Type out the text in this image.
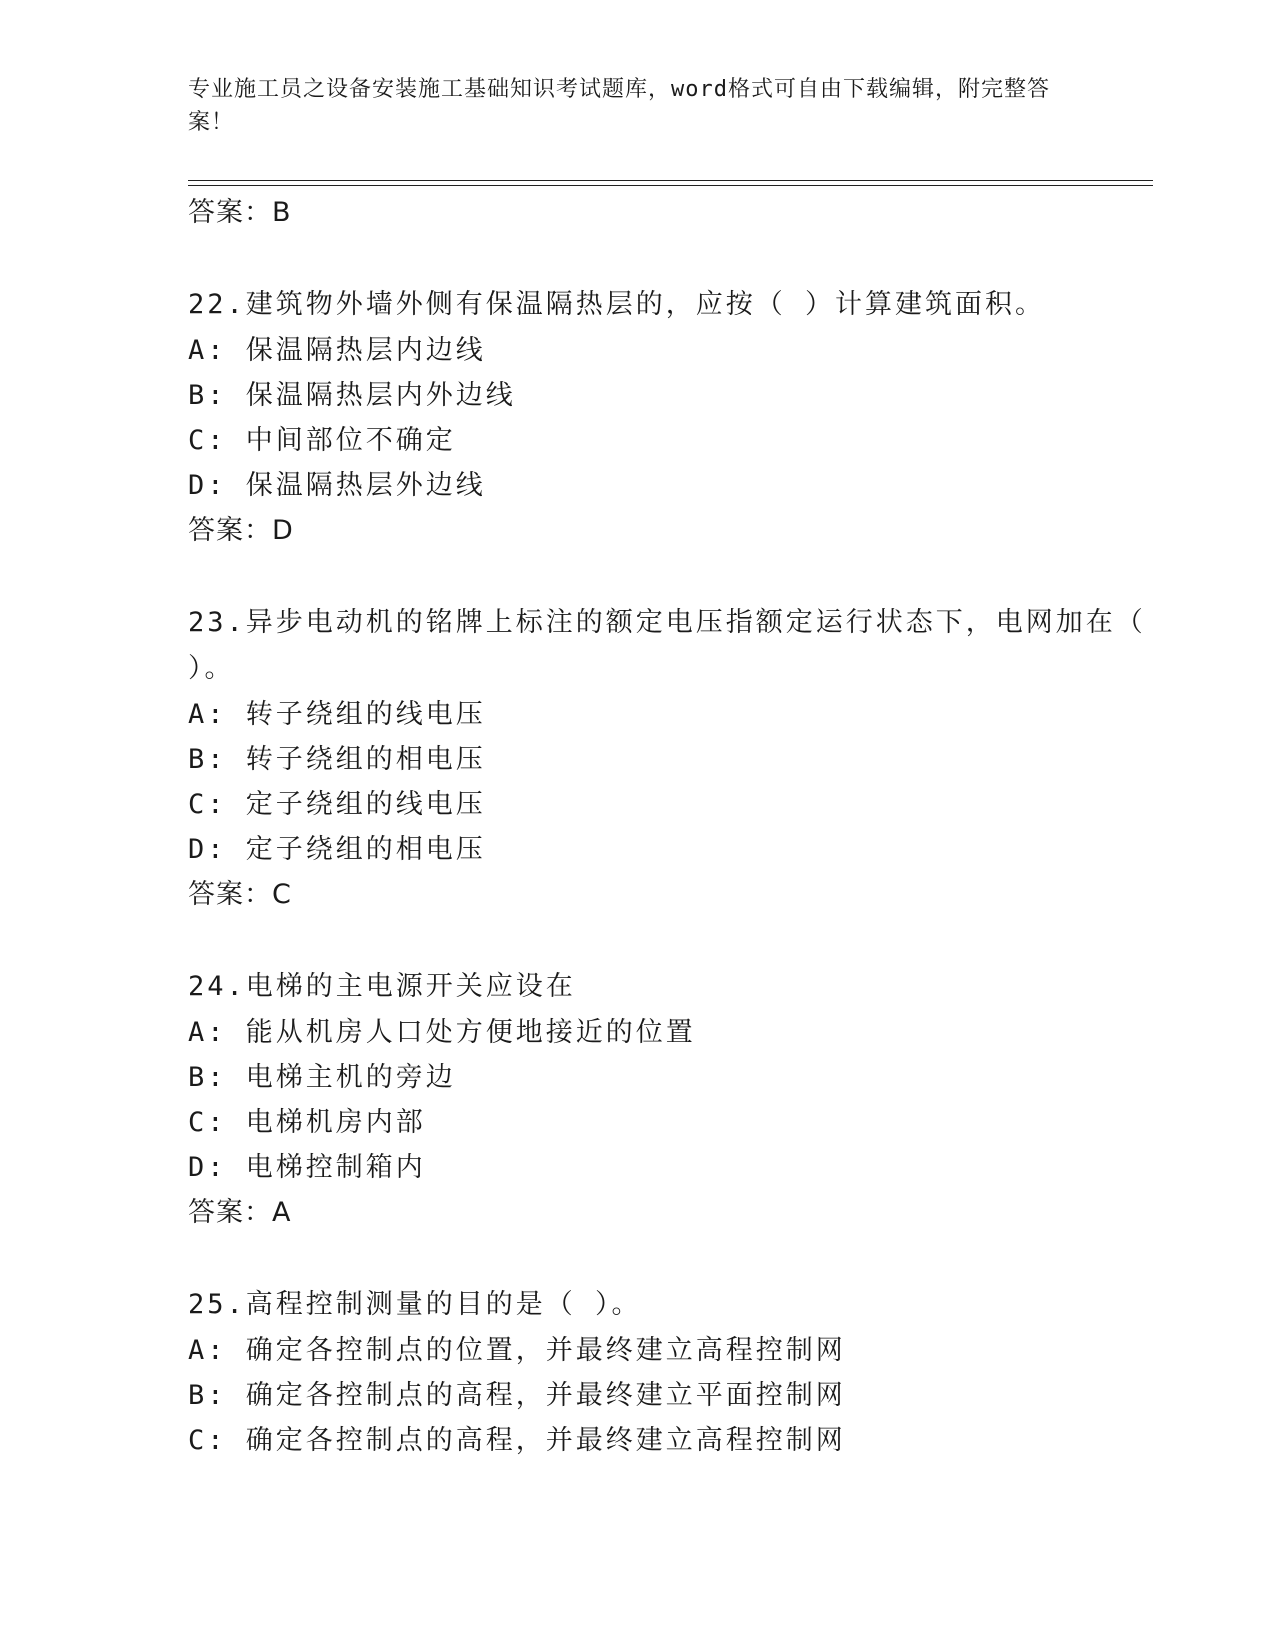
专业施工员之设备安装施工基础知识考试题库，word格式可自由下载编辑，附完整答案！
答案：B
22.建筑物外墙外侧有保温隔热层的，应按（ ）计算建筑面积。
A: 保温隔热层内边线
B: 保温隔热层内外边线
C: 中间部位不确定
D: 保温隔热层外边线
答案：D
23.异步电动机的铭牌上标注的额定电压指额定运行状态下，电网加在（ ）。
A: 转子绕组的线电压
B: 转子绕组的相电压
C: 定子绕组的线电压
D: 定子绕组的相电压
答案：C
24.电梯的主电源开关应设在
A: 能从机房人口处方便地接近的位置
B: 电梯主机的旁边
C: 电梯机房内部
D: 电梯控制箱内
答案：A
25.高程控制测量的目的是（ ）。
A: 确定各控制点的位置，并最终建立高程控制网
B: 确定各控制点的高程，并最终建立平面控制网
C: 确定各控制点的高程，并最终建立高程控制网
